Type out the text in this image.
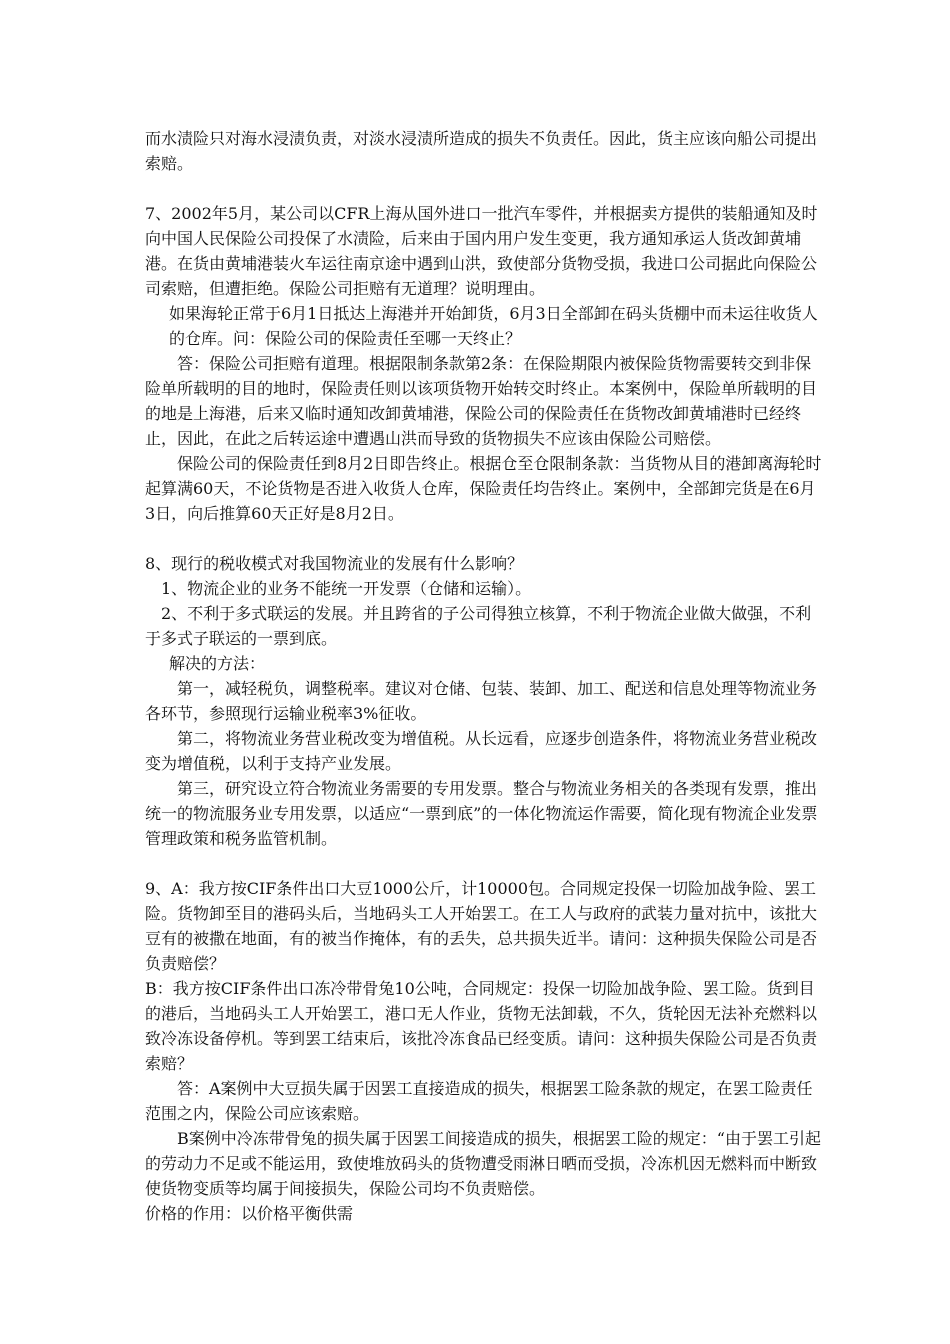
而水渍险只对海水浸渍负责，对淡水浸渍所造成的损失不负责任。因此，货主应该向船公司提出索赔。

7、2002年5月，某公司以CFR上海从国外进口一批汽车零件，并根据卖方提供的装船通知及时向中国人民保险公司投保了水渍险，后来由于国内用户发生变更，我方通知承运人货改卸黄埔港。在货由黄埔港装火车运往南京途中遇到山洪，致使部分货物受损，我进口公司据此向保险公司索赔，但遭拒绝。保险公司拒赔有无道理？说明理由。

如果海轮正常于6月1日抵达上海港并开始卸货，6月3日全部卸在码头货棚中而未运往收货人的仓库。问：保险公司的保险责任至哪一天终止？

答：保险公司拒赔有道理。根据限制条款第2条：在保险期限内被保险货物需要转交到非保险单所载明的目的地时，保险责任则以该项货物开始转交时终止。本案例中，保险单所载明的目的地是上海港，后来又临时通知改卸黄埔港，保险公司的保险责任在货物改卸黄埔港时已经终止，因此，在此之后转运途中遭遇山洪而导致的货物损失不应该由保险公司赔偿。

保险公司的保险责任到8月2日即告终止。根据仓至仓限制条款：当货物从目的港卸离海轮时起算满60天，不论货物是否进入收货人仓库，保险责任均告终止。案例中，全部卸完货是在6月3日，向后推算60天正好是8月2日。

8、现行的税收模式对我国物流业的发展有什么影响？

1、物流企业的业务不能统一开发票（仓储和运输）。

2、不利于多式联运的发展。并且跨省的子公司得独立核算，不利于物流企业做大做强，不利于多式子联运的一票到底。

解决的方法：

第一，减轻税负，调整税率。建议对仓储、包装、装卸、加工、配送和信息处理等物流业务各环节，参照现行运输业税率3%征收。

第二，将物流业务营业税改变为增值税。从长远看，应逐步创造条件，将物流业务营业税改变为增值税，以利于支持产业发展。

第三，研究设立符合物流业务需要的专用发票。整合与物流业务相关的各类现有发票，推出统一的物流服务业专用发票，以适应“一票到底”的一体化物流运作需要，简化现有物流企业发票管理政策和税务监管机制。

9、A：我方按CIF条件出口大豆1000公斤，计10000包。合同规定投保一切险加战争险、罢工险。货物卸至目的港码头后，当地码头工人开始罢工。在工人与政府的武装力量对抗中，该批大豆有的被撒在地面，有的被当作掩体，有的丢失，总共损失近半。请问：这种损失保险公司是否负责赔偿？

B：我方按CIF条件出口冻冷带骨兔10公吨，合同规定：投保一切险加战争险、罢工险。货到目的港后，当地码头工人开始罢工，港口无人作业，货物无法卸载，不久，货轮因无法补充燃料以致冷冻设备停机。等到罢工结束后，该批冷冻食品已经变质。请问：这种损失保险公司是否负责索赔？

答：A案例中大豆损失属于因罢工直接造成的损失，根据罢工险条款的规定，在罢工险责任范围之内，保险公司应该索赔。

B案例中冷冻带骨兔的损失属于因罢工间接造成的损失，根据罢工险的规定：“由于罢工引起的劳动力不足或不能运用，致使堆放码头的货物遭受雨淋日晒而受损，冷冻机因无燃料而中断致使货物变质等均属于间接损失，保险公司均不负责赔偿。

价格的作用：以价格平衡供需
